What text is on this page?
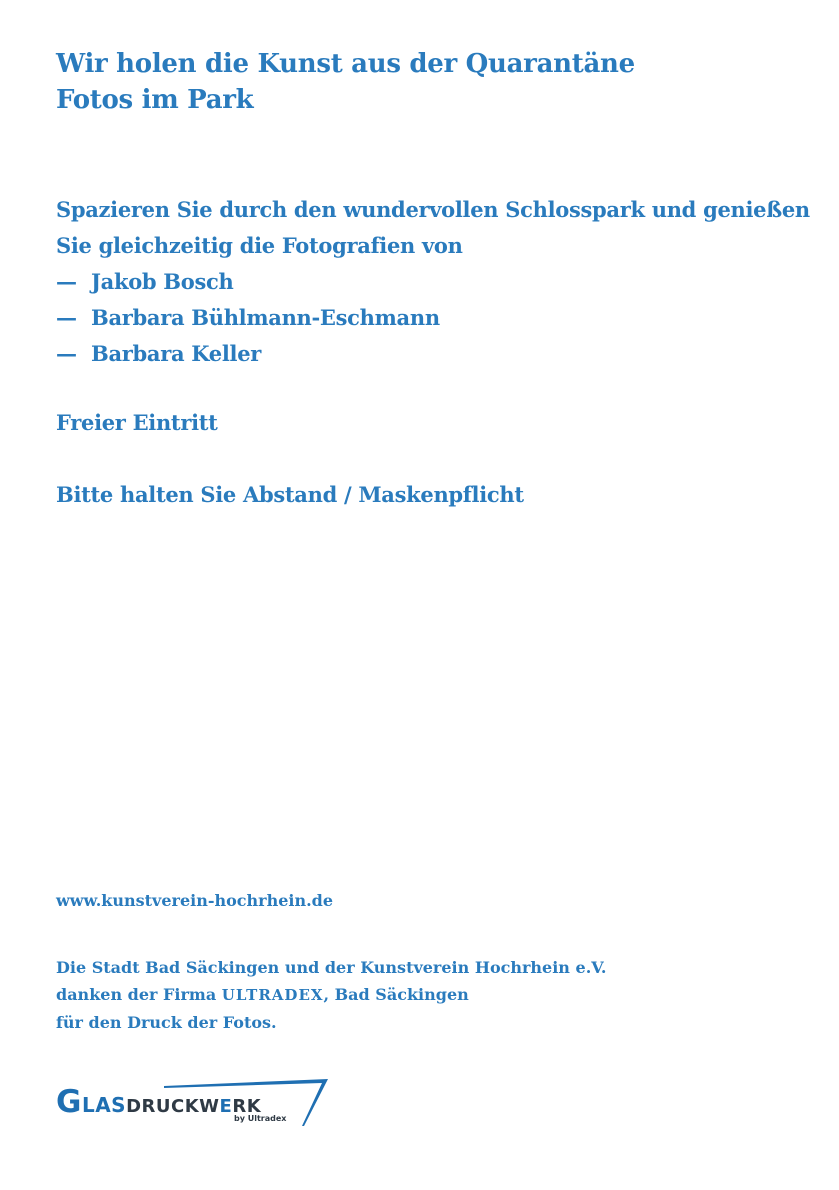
Wir holen die Kunst aus der Quarantäne
Fotos im Park
Spazieren Sie durch den wundervollen Schlosspark und genießen
Sie gleichzeitig die Fotografien von
— Jakob Bosch
— Barbara Bühlmann-Eschmann
— Barbara Keller
Freier Eintritt
Bitte halten Sie Abstand / Maskenpflicht
www.kunstverein-hochrhein.de
Die Stadt Bad Säckingen und der Kunstverein Hochrhein e.V.
danken der Firma ULTRADEX, Bad Säckingen
für den Druck der Fotos.
GLASDRUCKWERK
by Ultradex
